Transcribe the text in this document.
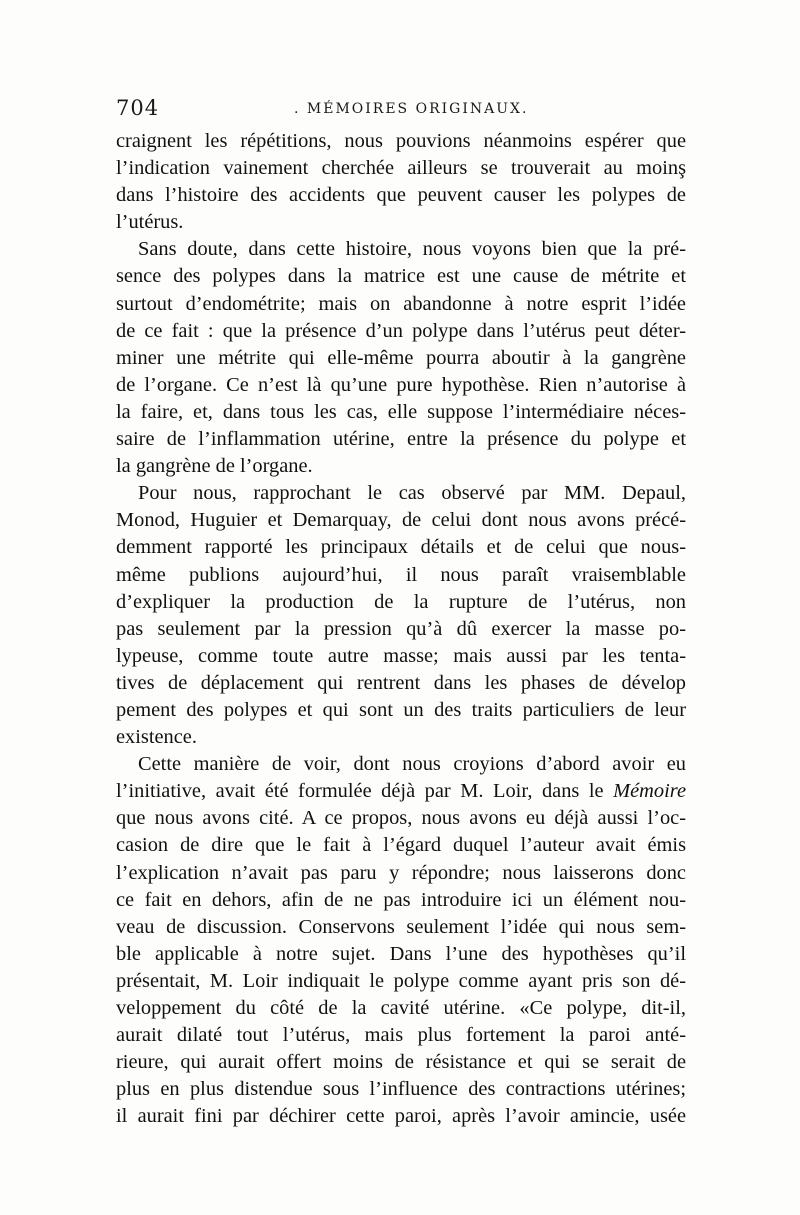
704	. MÉMOIRES ORIGINAUX.
craignent les répétitions, nous pouvions néanmoins espérer que
l’indication vainement cherchée ailleurs se trouverait au moinş
dans l’histoire des accidents que peuvent causer les polypes de
l’utérus.
Sans doute, dans cette histoire, nous voyons bien que la pré-
sence des polypes dans la matrice est une cause de métrite et
surtout d’endométrite; mais on abandonne à notre esprit l’idée
de ce fait : que la présence d’un polype dans l’utérus peut déter-
miner une métrite qui elle-même pourra aboutir à la gangrène
de l’organe. Ce n’est là qu’une pure hypothèse. Rien n’autorise à
la faire, et, dans tous les cas, elle suppose l’intermédiaire néces-
saire de l’inflammation utérine, entre la présence du polype et
la gangrène de l’organe.
Pour nous, rapprochant le cas observé par MM. Depaul,
Monod, Huguier et Demarquay, de celui dont nous avons précé-
demment rapporté les principaux détails et de celui que nous-
même publions aujourd’hui, il nous paraît vraisemblable
d’expliquer la production de la rupture de l’utérus, non
pas seulement par la pression qu’à dû exercer la masse po-
lypeuse, comme toute autre masse; mais aussi par les tenta-
tives de déplacement qui rentrent dans les phases de dévelop
pement des polypes et qui sont un des traits particuliers de leur
existence.
Cette manière de voir, dont nous croyions d’abord avoir eu
l’initiative, avait été formulée déjà par M. Loir, dans le Mémoire
que nous avons cité. A ce propos, nous avons eu déjà aussi l’oc-
casion de dire que le fait à l’égard duquel l’auteur avait émis
l’explication n’avait pas paru y répondre; nous laisserons donc
ce fait en dehors, afin de ne pas introduire ici un élément nou-
veau de discussion. Conservons seulement l’idée qui nous sem-
ble applicable à notre sujet. Dans l’une des hypothèses qu’il
présentait, M. Loir indiquait le polype comme ayant pris son dé-
veloppement du côté de la cavité utérine. «Ce polype, dit-il,
aurait dilaté tout l’utérus, mais plus fortement la paroi anté-
rieure, qui aurait offert moins de résistance et qui se serait de
plus en plus distendue sous l’influence des contractions utérines;
il aurait fini par déchirer cette paroi, après l’avoir amincie, usée
